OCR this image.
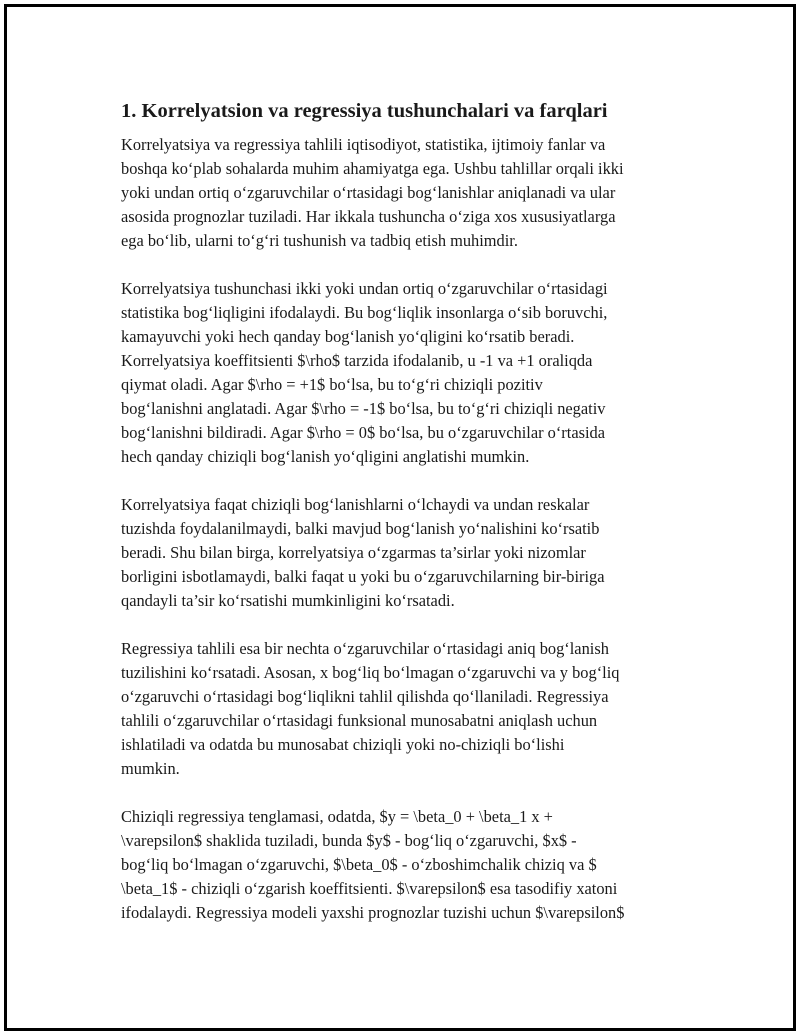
1. Korrelyatsion va regressiya tushunchalari va farqlari
Korrelyatsiya va regressiya tahlili iqtisodiyot, statistika, ijtimoiy fanlar va
boshqa ko‘plab sohalarda muhim ahamiyatga ega. Ushbu tahlillar orqali ikki
yoki undan ortiq o‘zgaruvchilar o‘rtasidagi bog‘lanishlar aniqlanadi va ular
asosida prognozlar tuziladi. Har ikkala tushuncha o‘ziga xos xususiyatlarga
ega bo‘lib, ularni to‘g‘ri tushunish va tadbiq etish muhimdir.
Korrelyatsiya tushunchasi ikki yoki undan ortiq o‘zgaruvchilar o‘rtasidagi
statistika bog‘liqligini ifodalaydi. Bu bog‘liqlik insonlarga o‘sib boruvchi,
kamayuvchi yoki hech qanday bog‘lanish yo‘qligini ko‘rsatib beradi.
Korrelyatsiya koeffitsienti $\rho$ tarzida ifodalanib, u -1 va +1 oraliqda
qiymat oladi. Agar $\rho = +1$ bo‘lsa, bu to‘g‘ri chiziqli pozitiv
bog‘lanishni anglatadi. Agar $\rho = -1$ bo‘lsa, bu to‘g‘ri chiziqli negativ
bog‘lanishni bildiradi. Agar $\rho = 0$ bo‘lsa, bu o‘zgaruvchilar o‘rtasida
hech qanday chiziqli bog‘lanish yo‘qligini anglatishi mumkin.
Korrelyatsiya faqat chiziqli bog‘lanishlarni o‘lchaydi va undan reskalar
tuzishda foydalanilmaydi, balki mavjud bog‘lanish yo‘nalishini ko‘rsatib
beradi. Shu bilan birga, korrelyatsiya o‘zgarmas ta’sirlar yoki nizomlar
borligini isbotlamaydi, balki faqat u yoki bu o‘zgaruvchilarning bir-biriga
qandayli ta’sir ko‘rsatishi mumkinligini ko‘rsatadi.
Regressiya tahlili esa bir nechta o‘zgaruvchilar o‘rtasidagi aniq bog‘lanish
tuzilishini ko‘rsatadi. Asosan, x bog‘liq bo‘lmagan o‘zgaruvchi va y bog‘liq
o‘zgaruvchi o‘rtasidagi bog‘liqlikni tahlil qilishda qo‘llaniladi. Regressiya
tahlili o‘zgaruvchilar o‘rtasidagi funksional munosabatni aniqlash uchun
ishlatiladi va odatda bu munosabat chiziqli yoki no-chiziqli bo‘lishi
mumkin.
Chiziqli regressiya tenglamasi, odatda, $y = \beta_0 + \beta_1 x +
\varepsilon$ shaklida tuziladi, bunda $y$ - bog‘liq o‘zgaruvchi, $x$ -
bog‘liq bo‘lmagan o‘zgaruvchi, $\beta_0$ - o‘zboshimchalik chiziq va $
\beta_1$ - chiziqli o‘zgarish koeffitsienti. $\varepsilon$ esa tasodifiy xatoni
ifodalaydi. Regressiya modeli yaxshi prognozlar tuzishi uchun $\varepsilon$
